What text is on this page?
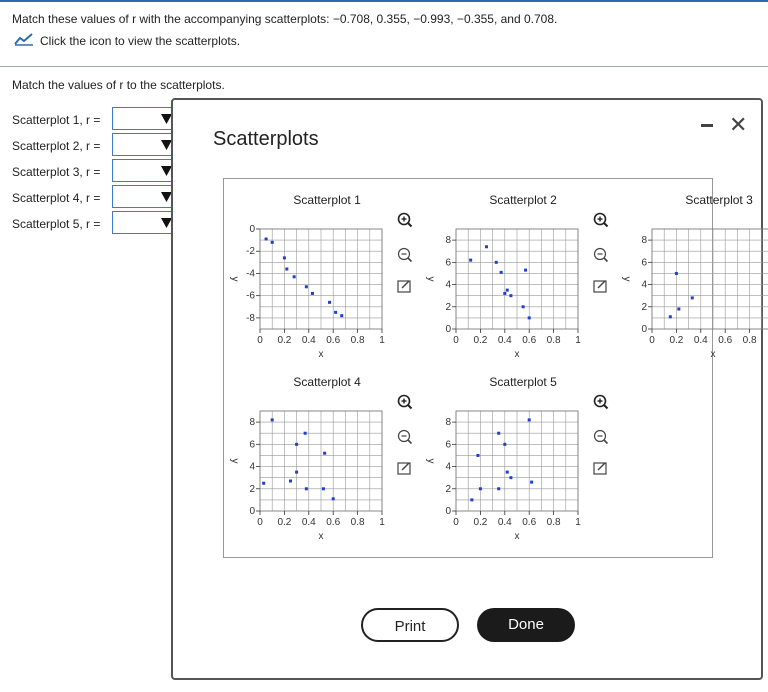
Match these values of r with the accompanying scatterplots: −0.708, 0.355, −0.993, −0.355, and 0.708.
Click the icon to view the scatterplots.
Match the values of r to the scatterplots.
Scatterplot 1, r =
Scatterplot 2, r =
Scatterplot 3, r =
Scatterplot 4, r =
Scatterplot 5, r =
Scatterplots
✕
Scatterplot 1
0
-2
-4
-6
-8
0 0.2 0.4 0.6 0.8 1
x
y
Scatterplot 2
0
2
4
6
8
0 0.2 0.4 0.6 0.8 1
x
y
Scatterplot 3
0
2
4
6
8
0 0.2 0.4 0.6 0.8
x
y
Scatterplot 4
0
2
4
6
8
0 0.2 0.4 0.6 0.8 1
x
y
Scatterplot 5
0
2
4
6
8
0 0.2 0.4 0.6 0.8 1
x
y
Print	Done
